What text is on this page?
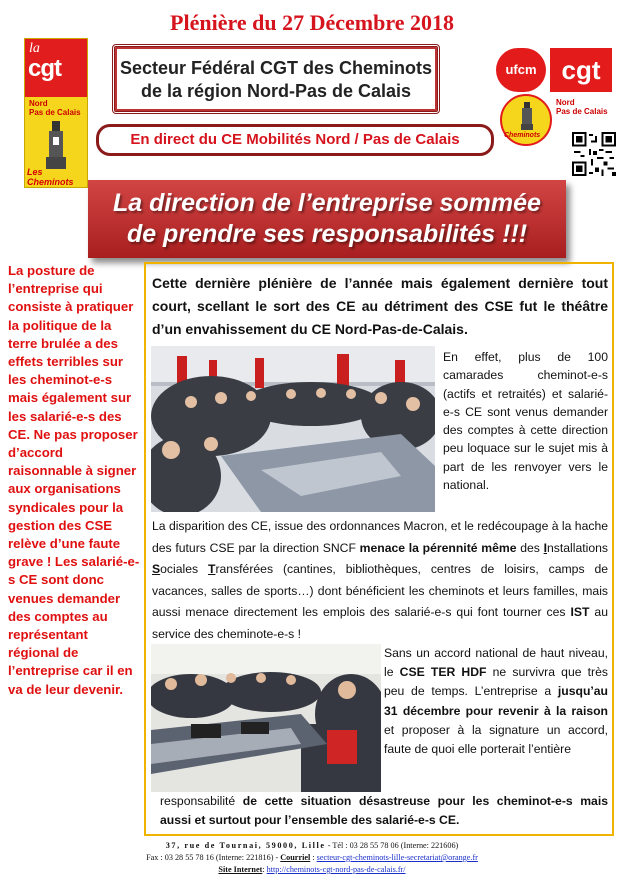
Plénière du 27 Décembre 2018
la
cgt
Nord
Pas de Calais
Les Cheminots
Secteur Fédéral CGT des Cheminots
de la région Nord-Pas de Calais
ufcm cgt
Cheminots
Nord
Pas de Calais
En direct du CE Mobilités Nord / Pas de Calais
La direction de l’entreprise sommée
de prendre ses responsabilités !!!
La posture de l’entreprise qui consiste à pratiquer la politique de la terre brulée a des effets terribles sur les cheminot-e-s mais également sur les salarié-e-s des CE. Ne pas proposer d’accord raisonnable à signer aux organisations syndicales pour la gestion des CSE relève d’une faute grave ! Les salarié-e-s CE sont donc venues demander des comptes au représentant régional de l’entreprise car il en va de leur devenir.
Cette dernière plénière de l’année mais également dernière tout court, scellant le sort des CE au détriment des CSE fut le théâtre d’un envahissement du CE Nord-Pas-de-Calais.
En effet, plus de 100 camarades cheminot-e-s (actifs et retraités) et salarié-e-s CE sont venus demander des comptes à cette direction peu loquace sur le sujet mis à part de les renvoyer vers le national.
La disparition des CE, issue des ordonnances Macron, et le redécoupage à la hache des futurs CSE par la direction SNCF menace la pérennité même des Installations Sociales Transférées (cantines, bibliothèques, centres de loisirs, camps de vacances, salles de sports…) dont bénéficient les cheminots et leurs familles, mais aussi menace directement les emplois des salarié-e-s qui font tourner ces IST au service des cheminote-e-s !
Sans un accord national de haut niveau, le CSE TER HDF ne survivra que très peu de temps. L’entreprise a jusqu’au 31 décembre pour revenir à la raison et proposer à la signature un accord, faute de quoi elle porterait l’entière
responsabilité de cette situation désastreuse pour les cheminot-e-s mais aussi et surtout pour l’ensemble des salarié-e-s CE.
37, rue de Tournai, 59000, Lille - Tél : 03 28 55 78 06 (Interne: 221606)
Fax : 03 28 55 78 16 (Interne: 221816) - Courriel : secteur-cgt-cheminots-lille-secretariat@orange.fr
Site Internet: http://cheminots-cgt-nord-pas-de-calais.fr/
